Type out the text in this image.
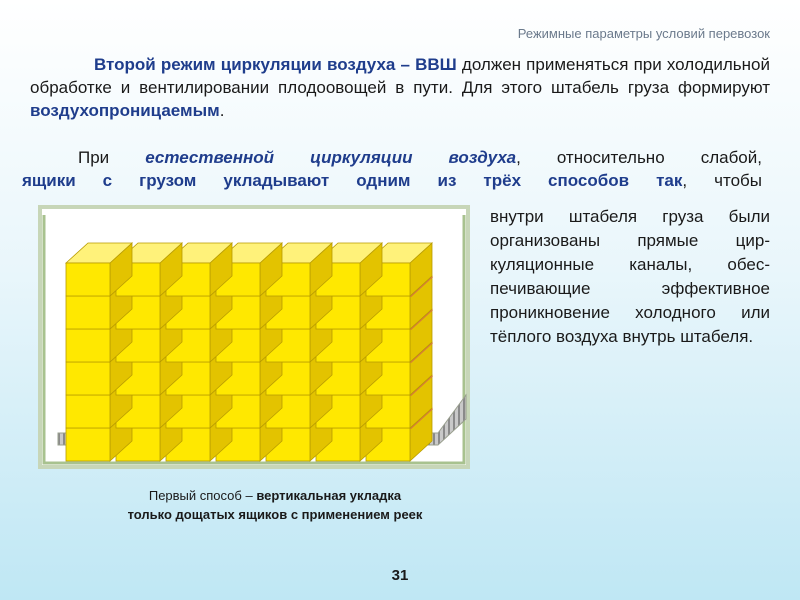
Режимные параметры условий перевозок
Второй режим циркуляции воздуха – ВВШ должен применяться при холодильной обработке и вентилировании плодоовощей в пути. Для этого штабель груза формируют воздухопроницаемым.
При естественной циркуляции воздуха, относительно слабой,
ящики с грузом укладывают одним из трёх способов так, чтобы
внутри штабеля груза были организованы прямые цир-куляционные каналы, обес-печивающие эффективное проникновение холодного или тёплого воздуха внутрь штабеля.
Первый способ – вертикальная укладка
только дощатых ящиков с применением реек
31
